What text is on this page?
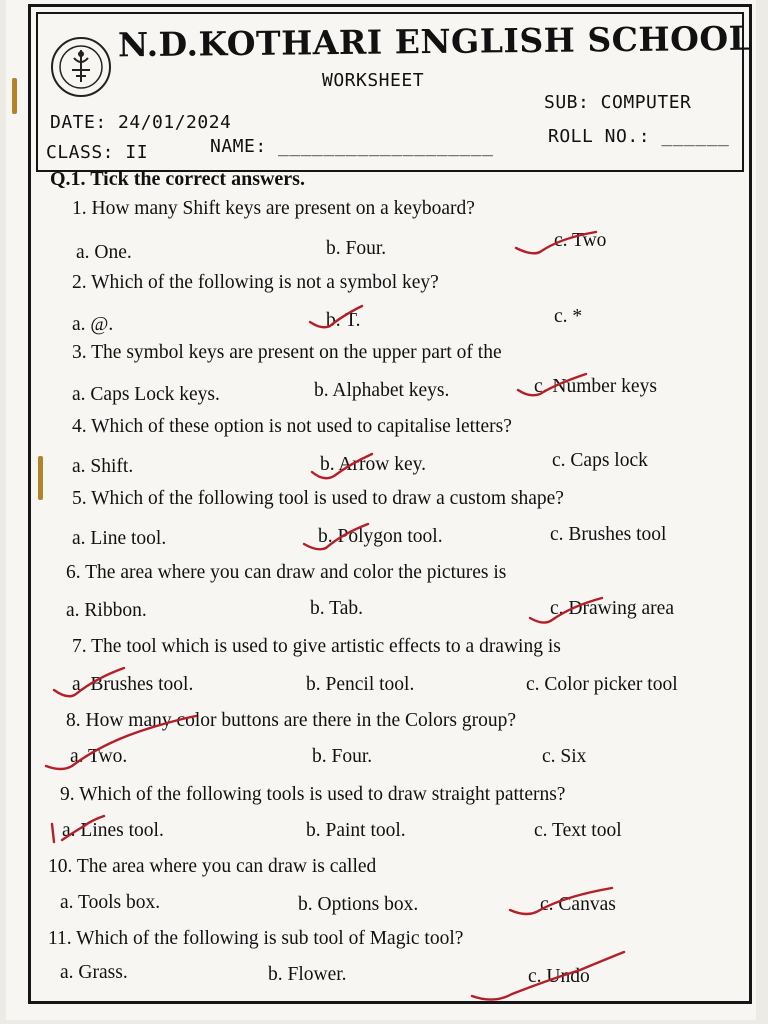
N.D.KOTHARI ENGLISH SCHOOL
WORKSHEET
DATE: 24/01/2024
SUB: COMPUTER
CLASS: II	NAME: ___________________	ROLL NO.: ______
Q.1. Tick the correct answers.
1. How many Shift keys are present on a keyboard?
a. One.	b. Four.	c. Two
2. Which of the following is not a symbol key?
a. @.	b. T.	c. *
3. The symbol keys are present on the upper part of the
a. Caps Lock keys.	b. Alphabet keys.	c. Number keys
4. Which of these option is not used to capitalise letters?
a. Shift.	b. Arrow key.	c. Caps lock
5. Which of the following tool is used to draw a custom shape?
a. Line tool.	b. Polygon tool.	c. Brushes tool
6. The area where you can draw and color the pictures is
a. Ribbon.	b. Tab.	c. Drawing area
7. The tool which is used to give artistic effects to a drawing is
a. Brushes tool.	b. Pencil tool.	c. Color picker tool
8. How many color buttons are there in the Colors group?
a. Two.	b. Four.	c. Six
9. Which of the following tools is used to draw straight patterns?
a. Lines tool.	b. Paint tool.	c. Text tool
10. The area where you can draw is called
a. Tools box.	b. Options box.	c. Canvas
11. Which of the following is sub tool of Magic tool?
a. Grass.	b. Flower.	c. Undo
